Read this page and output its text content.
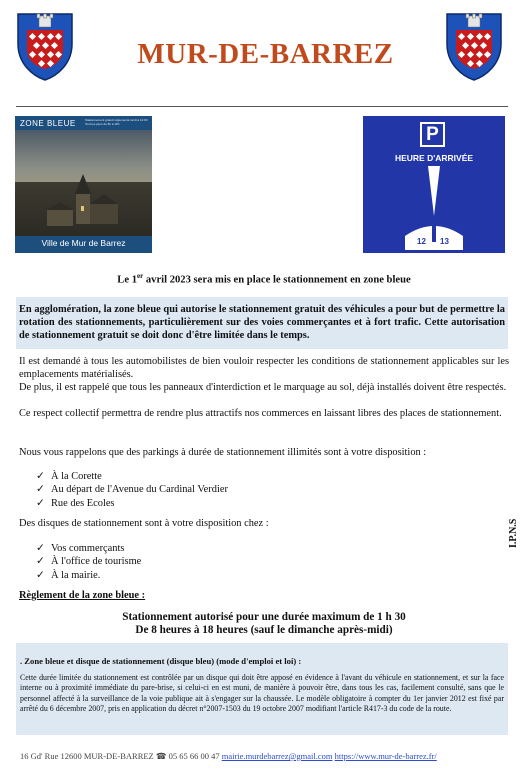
MUR-DE-BARREZ
ZONE BLEUE	Stationnement gratuit réglementé lundi à 14:00 Tout les jours de 8h à 18h
Ville de Mur de Barrez
P
HEURE D'ARRIVÉE
12 13
Le 1er avril 2023 sera mis en place le stationnement en zone bleue
En agglomération, la zone bleue qui autorise le stationnement gratuit des véhicules a pour but de permettre la rotation des stationnements, particulièrement sur des voies commerçantes et à fort trafic. Cette autorisation de stationnement gratuit se doit donc d'être limitée dans le temps.
Il est demandé à tous les automobilistes de bien vouloir respecter les conditions de stationnement applicables sur les emplacements matérialisés.
De plus, il est rappelé que tous les panneaux d'interdiction et le marquage au sol, déjà installés doivent être respectés.
Ce respect collectif permettra de rendre plus attractifs nos commerces en laissant libres des places de stationnement.
Nous vous rappelons que des parkings à durée de stationnement illimités sont à votre disposition :
✓ À la Corette
✓ Au départ de l'Avenue du Cardinal Verdier
✓ Rue des Ecoles
Des disques de stationnement sont à votre disposition chez :
✓ Vos commerçants
✓ À l'office de tourisme
✓ À la mairie.
Règlement de la zone bleue :
Stationnement autorisé pour une durée maximum de 1 h 30
De 8 heures à 18 heures (sauf le dimanche après-midi)
. Zone bleue et disque de stationnement (disque bleu) (mode d'emploi et loi) :
Cette durée limitée du stationnement est contrôlée par un disque qui doit être apposé en évidence à l'avant du véhicule en stationnement, et sur la face interne ou à proximité immédiate du pare-brise, si celui-ci en est muni, de manière à pouvoir être, dans tous les cas, facilement consulté, sans que le personnel affecté à la surveillance de la voie publique ait à s'engager sur la chaussée. Le modèle obligatoire à compter du 1er janvier 2012 est fixé par arrêté du 6 décembre 2007, pris en application du décret n°2007-1503 du 19 octobre 2007 modifiant l'article R417-3 du code de la route.
I.P.N.S
16 Gd' Rue 12600 MUR-DE-BARREZ ☎ 05 65 66 00 47 mairie.murdebarrez@gmail.com https://www.mur-de-barrez.fr/
